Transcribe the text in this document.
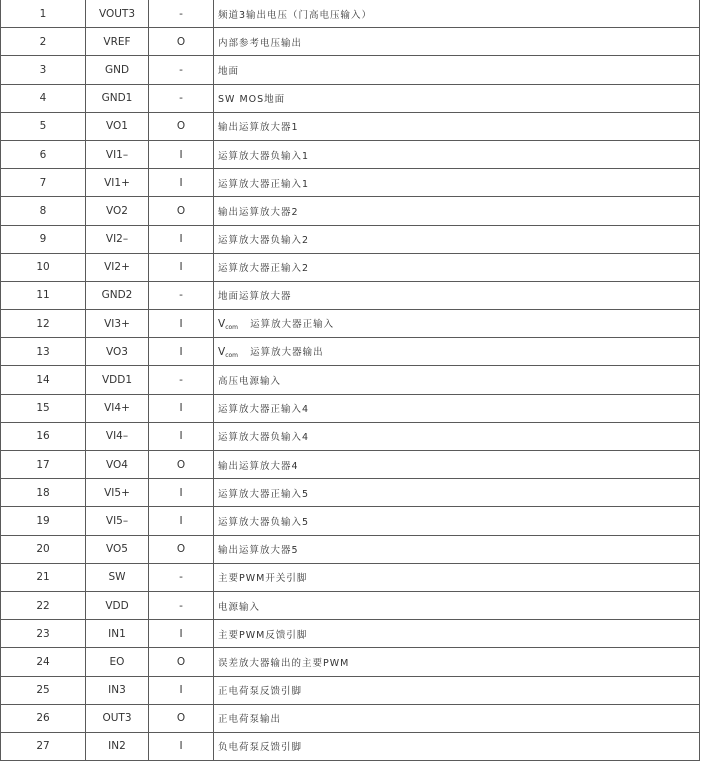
1	VOUT3	-	频道3输出电压（门高电压输入）
2	VREF	O	内部参考电压输出
3	GND	-	地面
4	GND1	-	SW MOS地面
5	VO1	O	输出运算放大器1
6	VI1–	I	运算放大器负输入1
7	VI1+	I	运算放大器正输入1
8	VO2	O	输出运算放大器2
9	VI2–	I	运算放大器负输入2
10	VI2+	I	运算放大器正输入2
11	GND2	-	地面运算放大器
12	VI3+	I	$V_{com}$ 运算放大器正输入
13	VO3	I	$V_{com}$ 运算放大器输出
14	VDD1	-	高压电源输入
15	VI4+	I	运算放大器正输入4
16	VI4–	I	运算放大器负输入4
17	VO4	O	输出运算放大器4
18	VI5+	I	运算放大器正输入5
19	VI5–	I	运算放大器负输入5
20	VO5	O	输出运算放大器5
21	SW	-	主要PWM开关引脚
22	VDD	-	电源输入
23	IN1	I	主要PWM反馈引脚
24	EO	O	误差放大器输出的主要PWM
25	IN3	I	正电荷泵反馈引脚
26	OUT3	O	正电荷泵输出
27	IN2	I	负电荷泵反馈引脚
